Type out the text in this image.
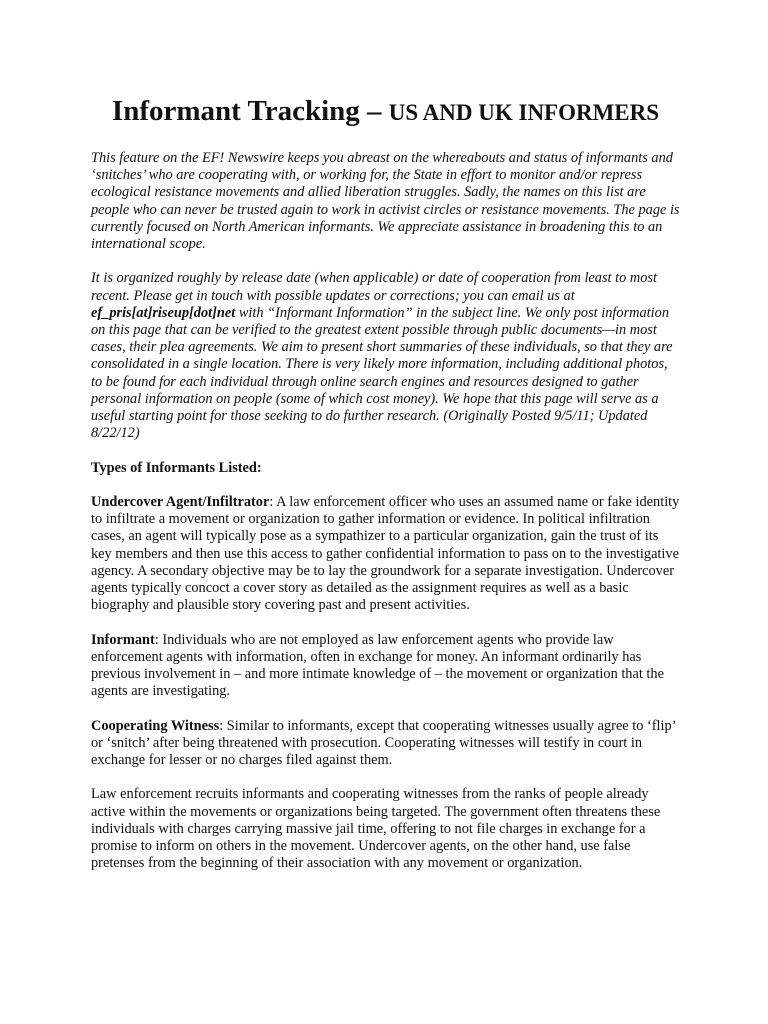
Informant Tracking – US AND UK INFORMERS

This feature on the EF! Newswire keeps you abreast on the whereabouts and status of informants and ‘snitches’ who are cooperating with, or working for, the State in effort to monitor and/or repress ecological resistance movements and allied liberation struggles. Sadly, the names on this list are people who can never be trusted again to work in activist circles or resistance movements. The page is currently focused on North American informants. We appreciate assistance in broadening this to an international scope.

It is organized roughly by release date (when applicable) or date of cooperation from least to most recent. Please get in touch with possible updates or corrections; you can email us at ef_pris[at]riseup[dot]net with “Informant Information” in the subject line. We only post information on this page that can be verified to the greatest extent possible through public documents—in most cases, their plea agreements. We aim to present short summaries of these individuals, so that they are consolidated in a single location. There is very likely more information, including additional photos, to be found for each individual through online search engines and resources designed to gather personal information on people (some of which cost money). We hope that this page will serve as a useful starting point for those seeking to do further research. (Originally Posted 9/5/11; Updated 8/22/12)

Types of Informants Listed:

Undercover Agent/Infiltrator: A law enforcement officer who uses an assumed name or fake identity to infiltrate a movement or organization to gather information or evidence. In political infiltration cases, an agent will typically pose as a sympathizer to a particular organization, gain the trust of its key members and then use this access to gather confidential information to pass on to the investigative agency. A secondary objective may be to lay the groundwork for a separate investigation. Undercover agents typically concoct a cover story as detailed as the assignment requires as well as a basic biography and plausible story covering past and present activities.

Informant: Individuals who are not employed as law enforcement agents who provide law enforcement agents with information, often in exchange for money. An informant ordinarily has previous involvement in – and more intimate knowledge of – the movement or organization that the agents are investigating.

Cooperating Witness: Similar to informants, except that cooperating witnesses usually agree to ‘flip’ or ‘snitch’ after being threatened with prosecution. Cooperating witnesses will testify in court in exchange for lesser or no charges filed against them.

Law enforcement recruits informants and cooperating witnesses from the ranks of people already active within the movements or organizations being targeted. The government often threatens these individuals with charges carrying massive jail time, offering to not file charges in exchange for a promise to inform on others in the movement. Undercover agents, on the other hand, use false pretenses from the beginning of their association with any movement or organization.
